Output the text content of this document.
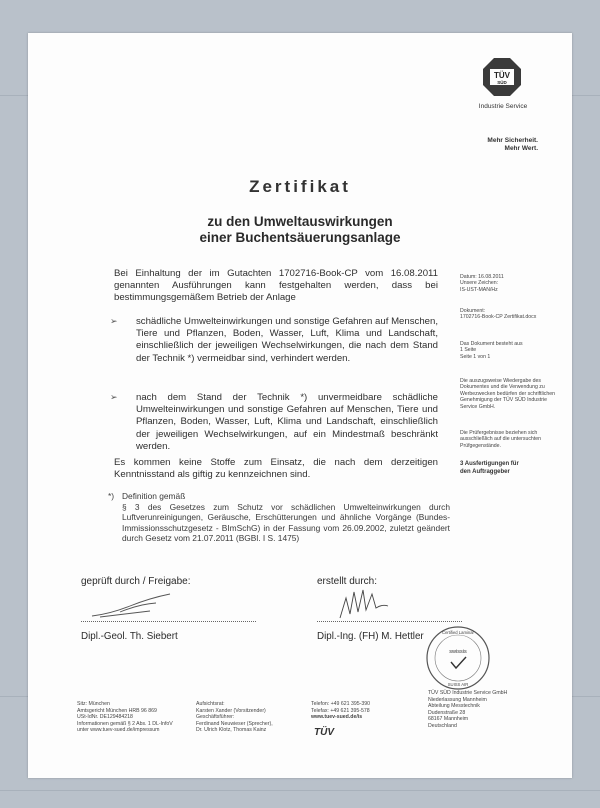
TÜV
SÜD
Industrie Service
Mehr Sicherheit.
Mehr Wert.
Zertifikat
zu den Umweltauswirkungen
einer Buchentsäuerungsanlage
Bei Einhaltung der im Gutachten 1702716-Book-CP vom 16.08.2011 genannten Ausführungen kann festgehalten werden, dass bei bestimmungsgemäßem Betrieb der Anlage
➢ schädliche Umwelteinwirkungen und sonstige Gefahren auf Menschen, Tiere und Pflanzen, Boden, Wasser, Luft, Klima und Landschaft, einschließlich der jeweiligen Wechselwirkungen, die nach dem Stand der Technik *) vermeidbar sind, verhindert werden.
➢ nach dem Stand der Technik *) unvermeidbare schädliche Umwelteinwirkungen und sonstige Gefahren auf Menschen, Tiere und Pflanzen, Boden, Wasser, Luft, Klima und Landschaft, einschließlich der jeweiligen Wechselwirkungen, auf ein Mindestmaß beschränkt werden.
Es kommen keine Stoffe zum Einsatz, die nach dem derzeitigen Kenntnisstand als giftig zu kennzeichnen sind.
*) Definition gemäß
§ 3 des Gesetzes zum Schutz vor schädlichen Umwelteinwirkungen durch Luftverunreinigungen, Geräusche, Erschütterungen und ähnliche Vorgänge (Bundes-Immissionsschutzgesetz - BImSchG) in der Fassung vom 26.09.2002, zuletzt geändert durch Gesetz vom 21.07.2011 (BGBl. I S. 1475)
Datum: 16.08.2011
Unsere Zeichen:
IS-UST-MAN/Hz
Dokument:
1702716-Book-CP Zertifikat.docx
Das Dokument besteht aus
1 Seite
Seite 1 von 1
Die auszugsweise Wiedergabe des Dokumentes und die Verwendung zu Werbezwecken bedürfen der schriftlichen Genehmigung der TÜV SÜD Industrie Service GmbH.
Die Prüfergebnisse beziehen sich ausschließlich auf die untersuchten Prüfgegenstände.
3 Ausfertigungen für
den Auftraggeber
geprüft durch / Freigabe:	erstellt durch:
Dipl.-Geol. Th. Siebert	Dipl.-Ing. (FH) M. Hettler	Certified Laminar
swissis
SUISS AIR
Sitz: München
Amtsgericht München HRB 96 869
USt-IdNr. DE129484218
Informationen gemäß § 2 Abs. 1 DL-InfoV
unter www.tuev-sued.de/impressum
Aufsichtsrat:
Karsten Xander (Vorsitzender)
Geschäftsführer:
Ferdinand Neuwieser (Sprecher),
Dr. Ulrich Klotz, Thomas Kainz
Telefon: +49 621 395-390
Telefax: +49 621 395-578
www.tuev-sued.de/is
TÜV
TÜV SÜD Industrie Service GmbH
Niederlassung Mannheim
Abteilung Messtechnik
Dudenstraße 28
68167 Mannheim
Deutschland
